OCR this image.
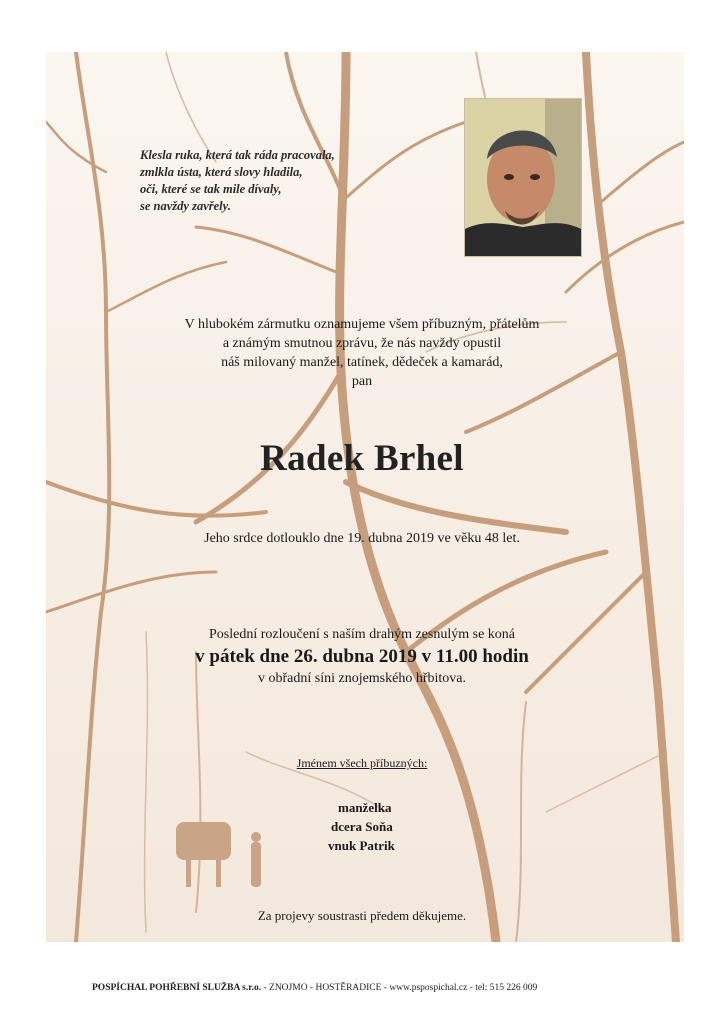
Klesla ruka, která tak ráda pracovala,
zmlkla ústa, která slovy hladila,
oči, které se tak mile dívaly,
se navždy zavřely.
V hlubokém zármutku oznamujeme všem příbuzným, přátelům
a známým smutnou zprávu, že nás navždy opustil
náš milovaný manžel, tatínek, dědeček a kamarád,
pan
Radek Brhel
Jeho srdce dotlouklo dne 19. dubna 2019 ve věku 48 let.
Poslední rozloučení s naším drahým zesnulým se koná
v pátek dne 26. dubna 2019 v 11.00 hodin
v obřadní síni znojemského hřbitova.
Jménem všech příbuzných:
manželka
dcera Soňa
vnuk Patrik
Za projevy soustrasti předem děkujeme.
POSPÍCHAL POHŘEBNÍ SLUŽBA s.r.o. - ZNOJMO - HOSTĚRADICE - www.pspospichal.cz - tel: 515 226 009
